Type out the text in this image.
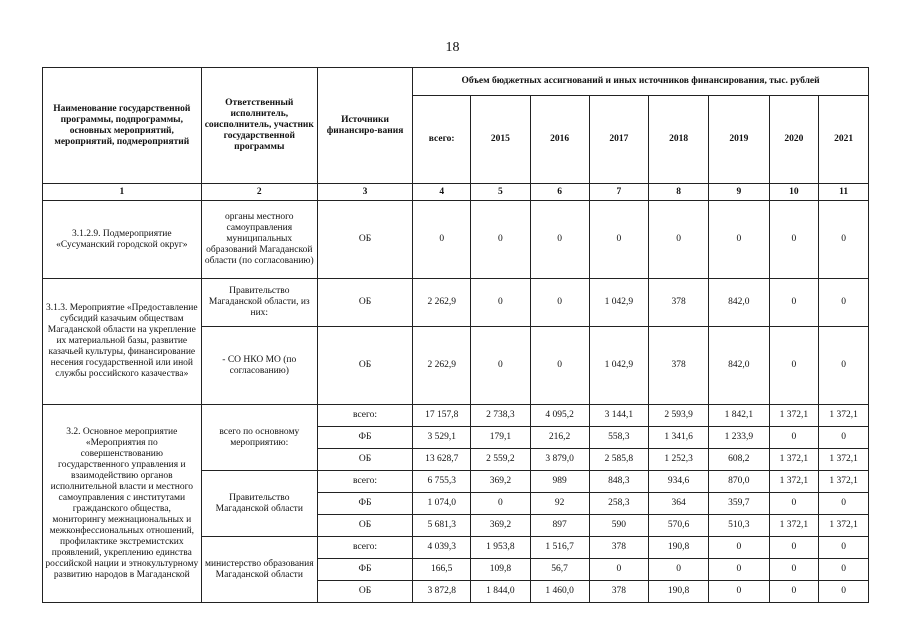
18
Наименование государственной программы, подпрограммы, основных мероприятий, мероприятий, подмероприятий	Ответственный исполнитель, соисполнитель, участник государственной программы	Источники финансиро-вания	Объем бюджетных ассигнований и иных источников финансирования, тыс. рублей							
			всего:	2015	2016	2017	2018	2019	2020	2021
1	2	3	4	5	6	7	8	9	10	11
3.1.2.9. Подмероприятие «Сусуманский городской округ»	органы местного самоуправления муниципальных образований Магаданской области (по согласованию)	ОБ	0	0	0	0	0	0	0	0
3.1.3. Мероприятие «Предоставление субсидий казачьим обществам Магаданской области на укрепление их материальной базы, развитие казачьей культуры, финансирование несения государственной или иной службы российского казачества»	Правительство Магаданской области, из них:	ОБ	2 262,9	0	0	1 042,9	378	842,0	0	0
	- СО НКО МО (по согласованию)	ОБ	2 262,9	0	0	1 042,9	378	842,0	0	0
3.2. Основное мероприятие «Мероприятия по совершенствованию государственного управления и взаимодействию органов исполнительной власти и местного самоуправления с институтами гражданского общества, мониторингу межнациональных и межконфессиональных отношений, профилактике экстремистских проявлений, укреплению единства российской нации и этнокультурному развитию народов в Магаданской	всего по основному мероприятию:	всего:	17 157,8	2 738,3	4 095,2	3 144,1	2 593,9	1 842,1	1 372,1	1 372,1
		ФБ	3 529,1	179,1	216,2	558,3	1 341,6	1 233,9	0	0
		ОБ	13 628,7	2 559,2	3 879,0	2 585,8	1 252,3	608,2	1 372,1	1 372,1
	Правительство Магаданской области	всего:	6 755,3	369,2	989	848,3	934,6	870,0	1 372,1	1 372,1
		ФБ	1 074,0	0	92	258,3	364	359,7	0	0
		ОБ	5 681,3	369,2	897	590	570,6	510,3	1 372,1	1 372,1
	министерство образования Магаданской области	всего:	4 039,3	1 953,8	1 516,7	378	190,8	0	0	0
		ФБ	166,5	109,8	56,7	0	0	0	0	0
		ОБ	3 872,8	1 844,0	1 460,0	378	190,8	0	0	0
